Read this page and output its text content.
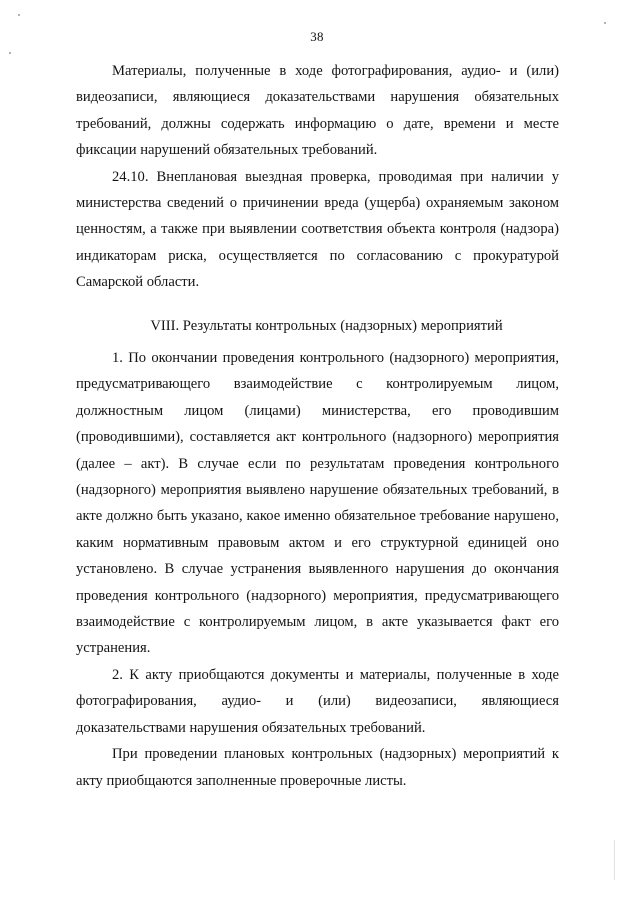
38

Материалы, полученные в ходе фотографирования, аудио- и (или) видеозаписи, являющиеся доказательствами нарушения обязательных требований, должны содержать информацию о дате, времени и месте фиксации нарушений обязательных требований.

24.10. Внеплановая выездная проверка, проводимая при наличии у министерства сведений о причинении вреда (ущерба) охраняемым законом ценностям, а также при выявлении соответствия объекта контроля (надзора) индикаторам риска, осуществляется по согласованию с прокуратурой Самарской области.

VIII. Результаты контрольных (надзорных) мероприятий

1. По окончании проведения контрольного (надзорного) мероприятия, предусматривающего взаимодействие с контролируемым лицом, должностным лицом (лицами) министерства, его проводившим (проводившими), составляется акт контрольного (надзорного) мероприятия (далее – акт). В случае если по результатам проведения контрольного (надзорного) мероприятия выявлено нарушение обязательных требований, в акте должно быть указано, какое именно обязательное требование нарушено, каким нормативным правовым актом и его структурной единицей оно установлено. В случае устранения выявленного нарушения до окончания проведения контрольного (надзорного) мероприятия, предусматривающего взаимодействие с контролируемым лицом, в акте указывается факт его устранения.

2. К акту приобщаются документы и материалы, полученные в ходе фотографирования, аудио- и (или) видеозаписи, являющиеся доказательствами нарушения обязательных требований.

При проведении плановых контрольных (надзорных) мероприятий к акту приобщаются заполненные проверочные листы.
